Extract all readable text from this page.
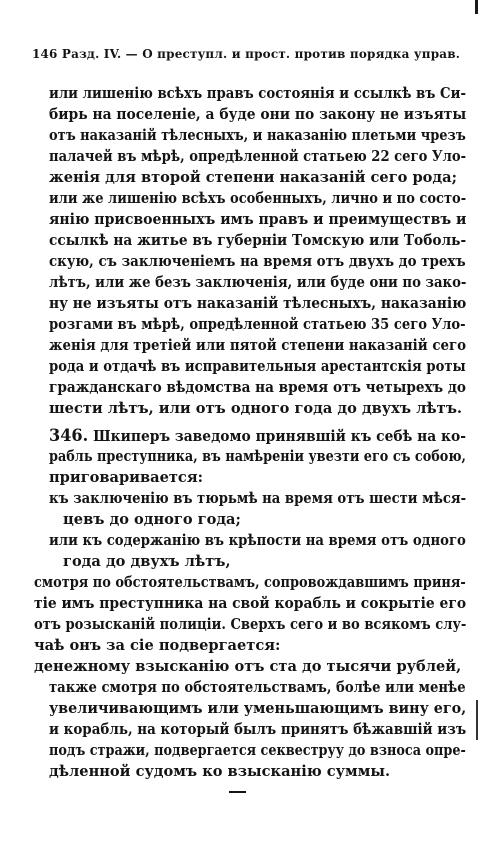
146 Разд. IV. — О преступл. и прост. против порядка управ.
или лишенію всѣхъ правъ состоянія и ссылкѣ въ Си-
бирь на поселеніе, а буде они по закону не изъяты
отъ наказаній тѣлесныхъ, и наказанію плетьми чрезъ
палачей въ мѣрѣ, опредѣленной статьею 22 сего Уло-
женія для второй степени наказаній сего рода;
или же лишенію всѣхъ особенныхъ, лично и по состо-
янію присвоенныхъ имъ правъ и преимуществъ и
ссылкѣ на житье въ губерніи Томскую или Тоболь-
скую, съ заключеніемъ на время отъ двухъ до трехъ
лѣтъ, или же безъ заключенія, или буде они по зако-
ну не изъяты отъ наказаній тѣлесныхъ, наказанію
розгами въ мѣрѣ, опредѣленной статьею 35 сего Уло-
женія для третіей или пятой степени наказаній сего
рода и отдачѣ въ исправительныя арестантскія роты
гражданскаго вѣдомства на время отъ четырехъ до
шести лѣтъ, или отъ одного года до двухъ лѣтъ.
346. Шкиперъ заведомо принявшій къ себѣ на ко-
рабль преступника, въ намѣреніи увезти его съ собою,
приговаривается:
къ заключенію въ тюрьмѣ на время отъ шести мѣся-
цевъ до одного года;
или къ содержанію въ крѣпости на время отъ одного
года до двухъ лѣтъ,
смотря по обстоятельствамъ, сопровождавшимъ приня-
тіе имъ преступника на свой корабль и сокрытіе его
отъ розысканій полиціи. Сверхъ сего и во всякомъ слу-
чаѣ онъ за сіе подвергается:
денежному взысканію отъ ста до тысячи рублей,
также смотря по обстоятельствамъ, болѣе или менѣе
увеличивающимъ или уменьшающимъ вину его,
и корабль, на который былъ принятъ бѣжавшій изъ
подъ стражи, подвергается секвеструу до взноса опре-
дѣленной судомъ ко взысканію суммы.
